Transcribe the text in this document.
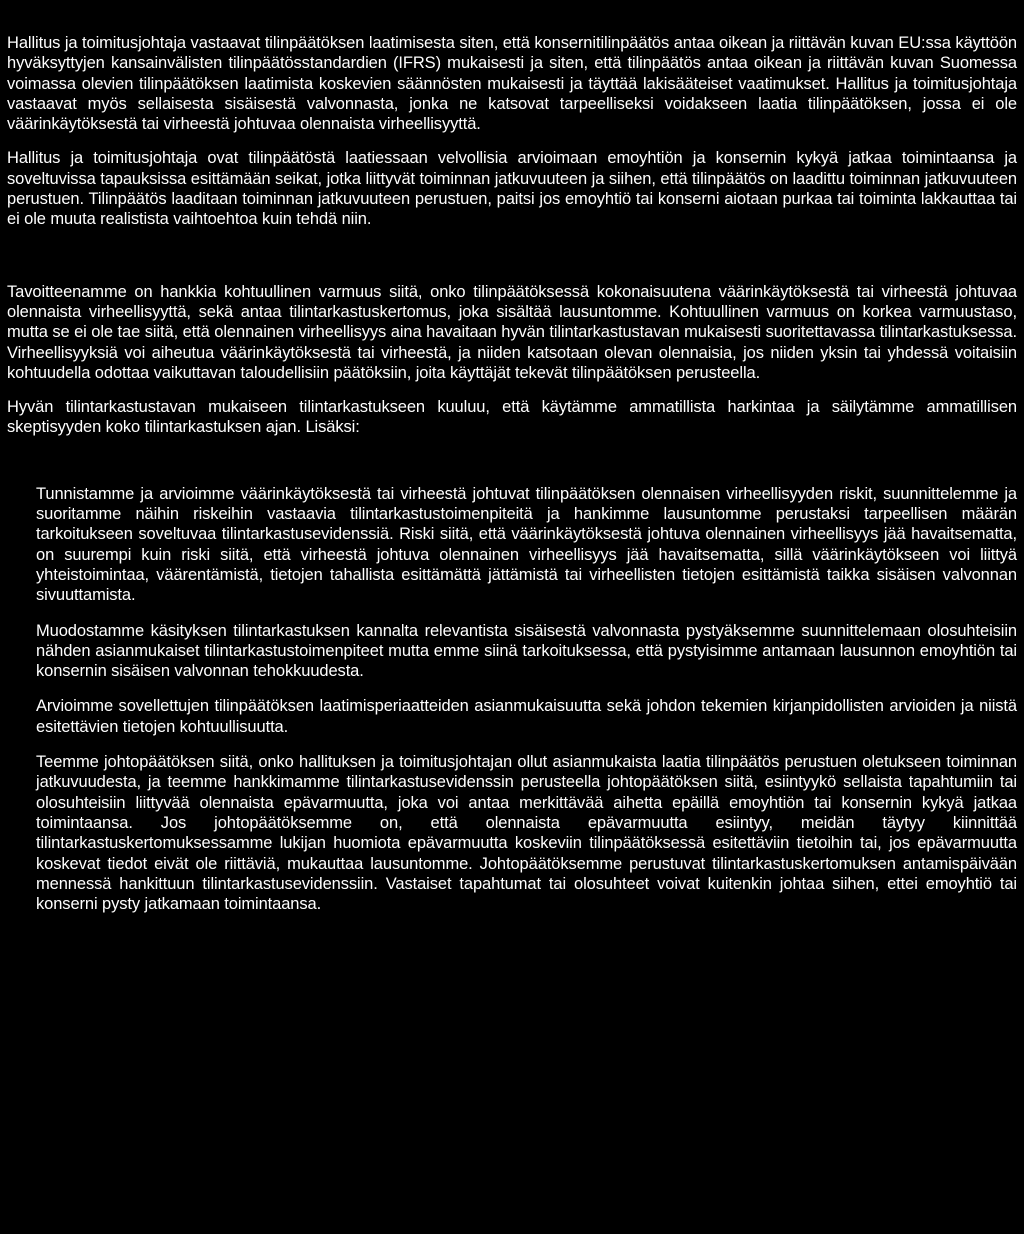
Hallitus ja toimitusjohtaja vastaavat tilinpäätöksen laatimisesta siten, että konsernitilinpäätös antaa oikean ja riittävän kuvan EU:ssa käyttöön hyväksyttyjen kansainvälisten tilinpäätösstandardien (IFRS) mukaisesti ja siten, että tilinpäätös antaa oikean ja riittävän kuvan Suomessa voimassa olevien tilinpäätöksen laatimista koskevien säännösten mukaisesti ja täyttää lakisääteiset vaatimukset. Hallitus ja toimitusjohtaja vastaavat myös sellaisesta sisäisestä valvonnasta, jonka ne katsovat tarpeelliseksi voidakseen laatia tilinpäätöksen, jossa ei ole väärinkäytöksestä tai virheestä johtuvaa olennaista virheellisyyttä.

Hallitus ja toimitusjohtaja ovat tilinpäätöstä laatiessaan velvollisia arvioimaan emoyhtiön ja konsernin kykyä jatkaa toimintaansa ja soveltuvissa tapauksissa esittämään seikat, jotka liittyvät toiminnan jatkuvuuteen ja siihen, että tilinpäätös on laadittu toiminnan jatkuvuuteen perustuen. Tilinpäätös laaditaan toiminnan jatkuvuuteen perustuen, paitsi jos emoyhtiö tai konserni aiotaan purkaa tai toiminta lakkauttaa tai ei ole muuta realistista vaihtoehtoa kuin tehdä niin.

Tavoitteenamme on hankkia kohtuullinen varmuus siitä, onko tilinpäätöksessä kokonaisuutena väärinkäytöksestä tai virheestä johtuvaa olennaista virheellisyyttä, sekä antaa tilintarkastuskertomus, joka sisältää lausuntomme. Kohtuullinen varmuus on korkea varmuustaso, mutta se ei ole tae siitä, että olennainen virheellisyys aina havaitaan hyvän tilintarkastustavan mukaisesti suoritettavassa tilintarkastuksessa. Virheellisyyksiä voi aiheutua väärinkäytöksestä tai virheestä, ja niiden katsotaan olevan olennaisia, jos niiden yksin tai yhdessä voitaisiin kohtuudella odottaa vaikuttavan taloudellisiin päätöksiin, joita käyttäjät tekevät tilinpäätöksen perusteella.

Hyvän tilintarkastustavan mukaiseen tilintarkastukseen kuuluu, että käytämme ammatillista harkintaa ja säilytämme ammatillisen skeptisyyden koko tilintarkastuksen ajan. Lisäksi:

Tunnistamme ja arvioimme väärinkäytöksestä tai virheestä johtuvat tilinpäätöksen olennaisen virheellisyyden riskit, suunnittelemme ja suoritamme näihin riskeihin vastaavia tilintarkastustoimenpiteitä ja hankimme lausuntomme perustaksi tarpeellisen määrän tarkoitukseen soveltuvaa tilintarkastusevidenssiä. Riski siitä, että väärinkäytöksestä johtuva olennainen virheellisyys jää havaitsematta, on suurempi kuin riski siitä, että virheestä johtuva olennainen virheellisyys jää havaitsematta, sillä väärinkäytökseen voi liittyä yhteistoimintaa, väärentämistä, tietojen tahallista esittämättä jättämistä tai virheellisten tietojen esittämistä taikka sisäisen valvonnan sivuuttamista.

Muodostamme käsityksen tilintarkastuksen kannalta relevantista sisäisestä valvonnasta pystyäksemme suunnittelemaan olosuhteisiin nähden asianmukaiset tilintarkastustoimenpiteet mutta emme siinä tarkoituksessa, että pystyisimme antamaan lausunnon emoyhtiön tai konsernin sisäisen valvonnan tehokkuudesta.

Arvioimme sovellettujen tilinpäätöksen laatimisperiaatteiden asianmukaisuutta sekä johdon tekemien kirjanpidollisten arvioiden ja niistä esitettävien tietojen kohtuullisuutta.

Teemme johtopäätöksen siitä, onko hallituksen ja toimitusjohtajan ollut asianmukaista laatia tilinpäätös perustuen oletukseen toiminnan jatkuvuudesta, ja teemme hankkimamme tilintarkastusevidenssin perusteella johtopäätöksen siitä, esiintyykö sellaista tapahtumiin tai olosuhteisiin liittyvää olennaista epävarmuutta, joka voi antaa merkittävää aihetta epäillä emoyhtiön tai konsernin kykyä jatkaa toimintaansa. Jos johtopäätöksemme on, että olennaista epävarmuutta esiintyy, meidän täytyy kiinnittää tilintarkastuskertomuksessamme lukijan huomiota epävarmuutta koskeviin tilinpäätöksessä esitettäviin tietoihin tai, jos epävarmuutta koskevat tiedot eivät ole riittäviä, mukauttaa lausuntomme. Johtopäätöksemme perustuvat tilintarkastuskertomuksen antamispäivään mennessä hankittuun tilintarkastusevidenssiin. Vastaiset tapahtumat tai olosuhteet voivat kuitenkin johtaa siihen, ettei emoyhtiö tai konserni pysty jatkamaan toimintaansa.
